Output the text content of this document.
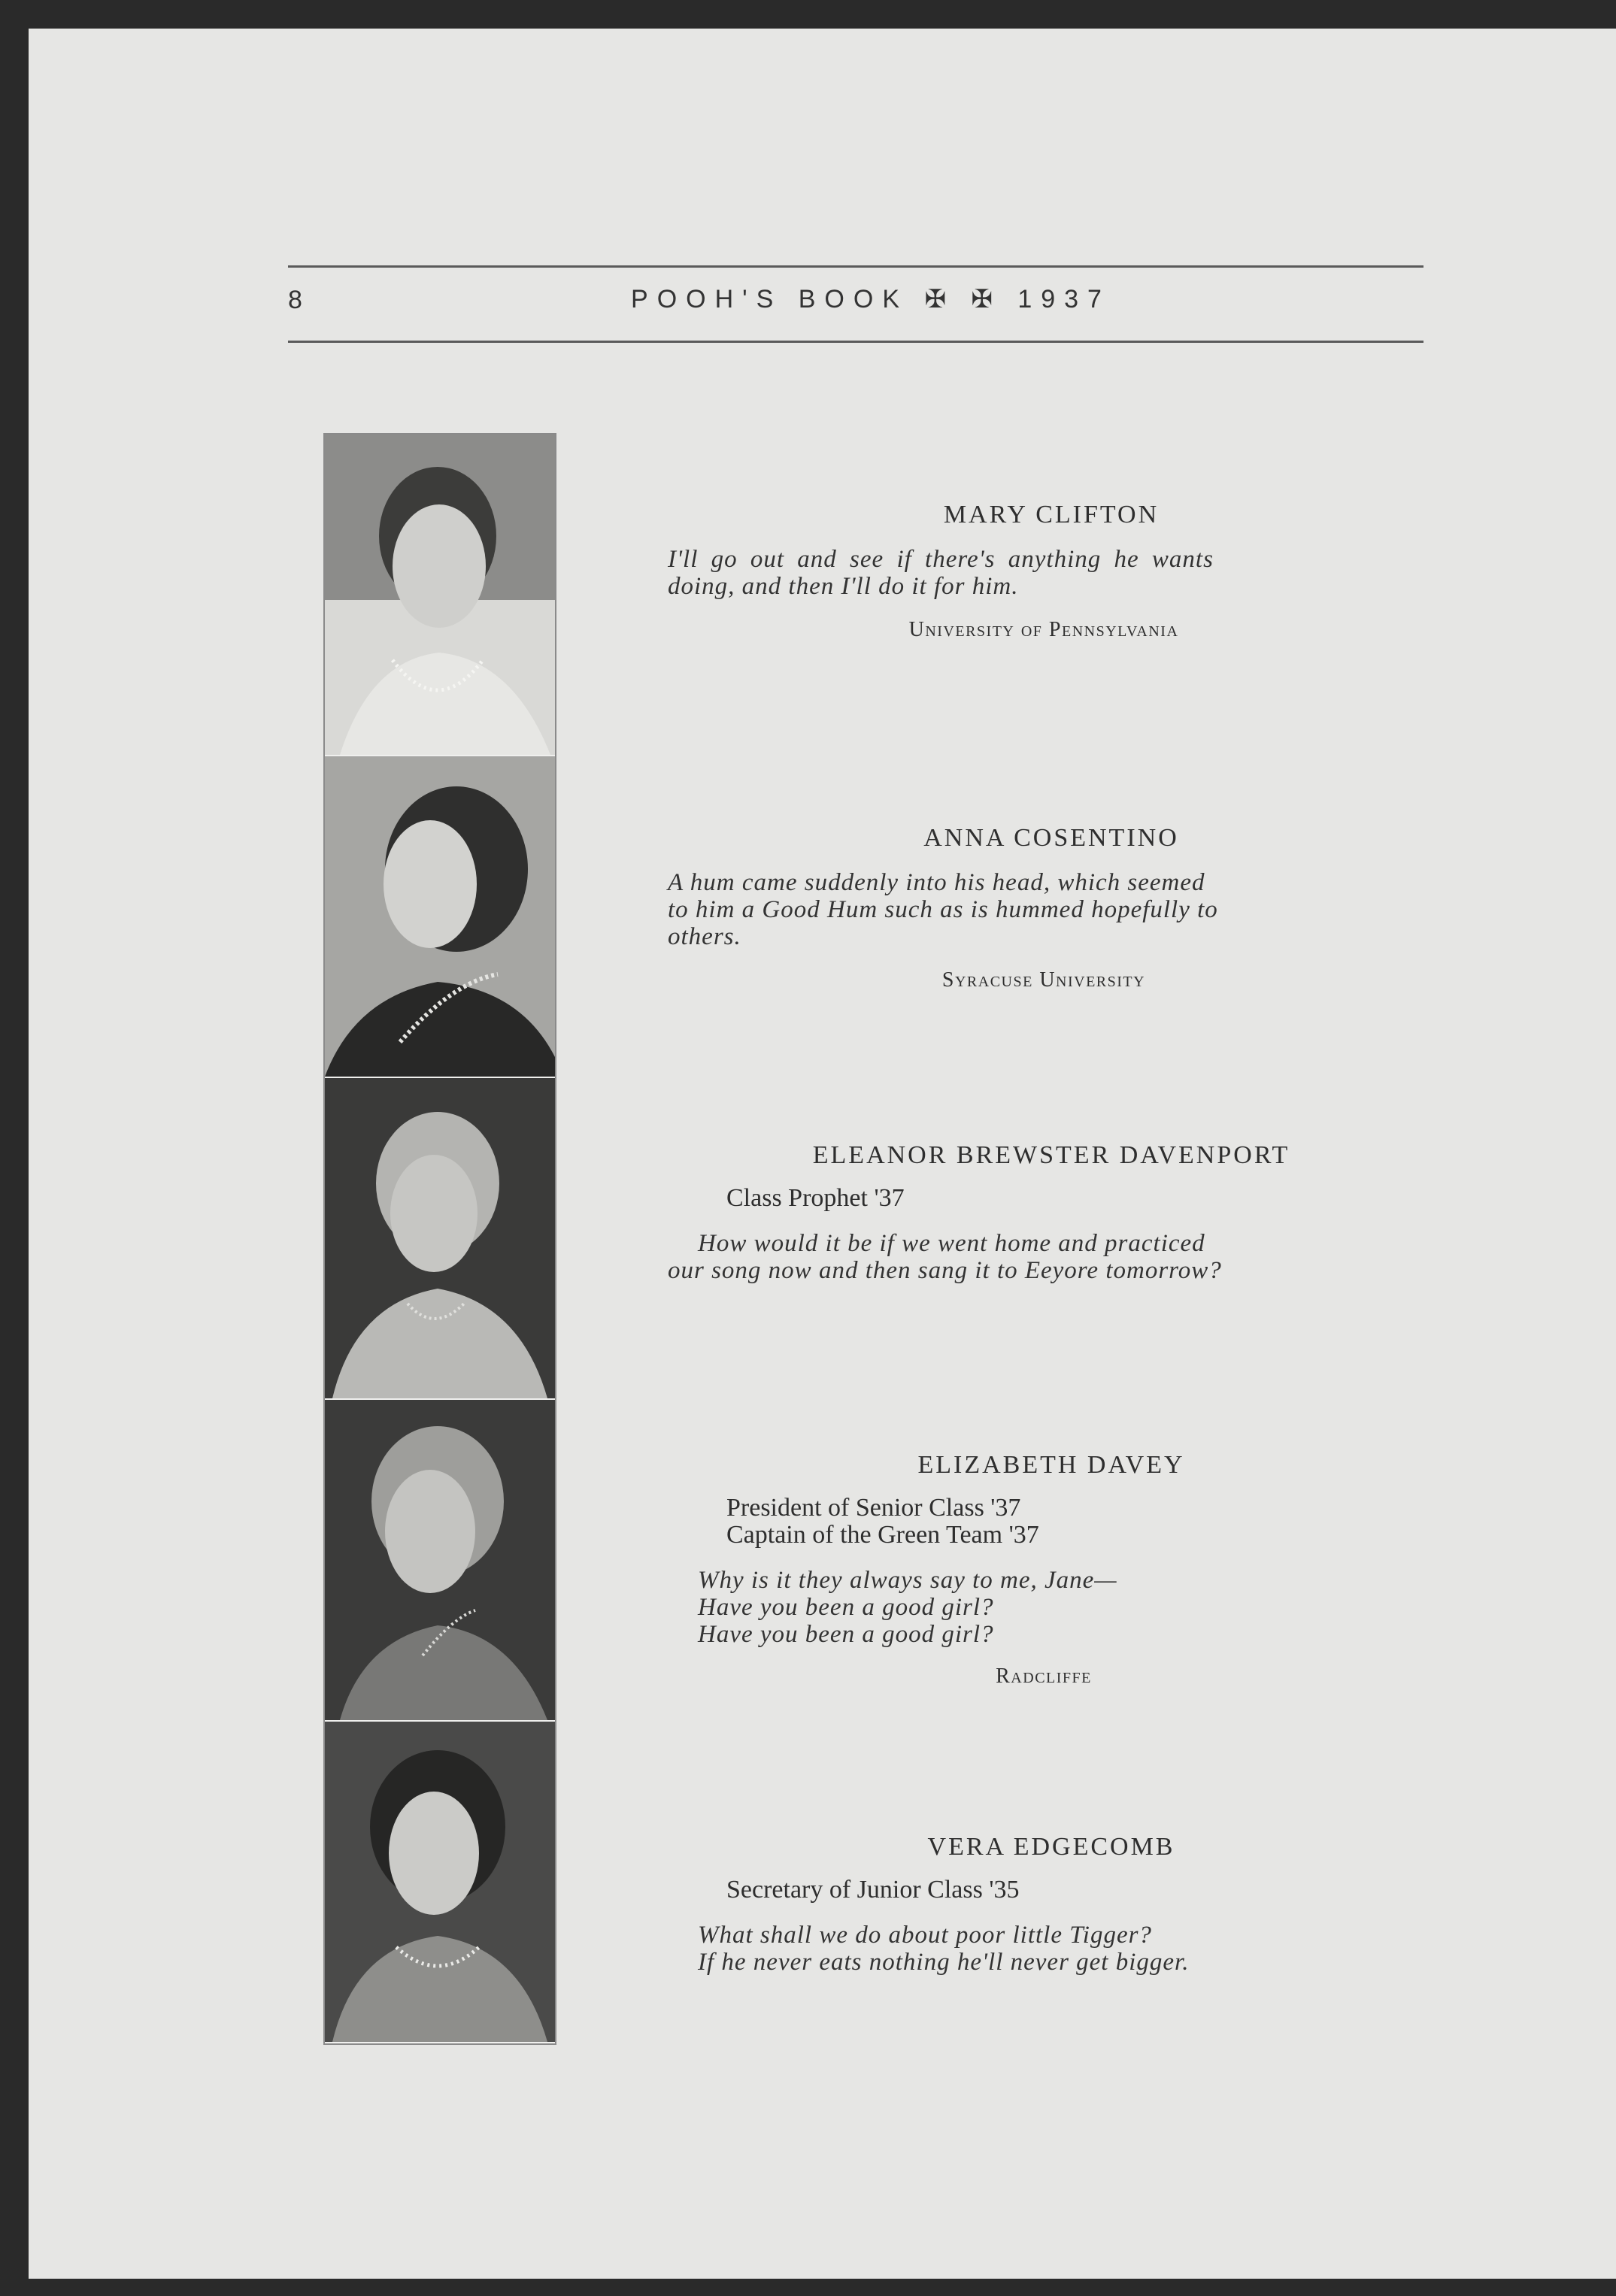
8	POOH'S BOOK ✠ ✠ 1937

MARY CLIFTON

I'll go out and see if there's anything he wants

doing, and then I'll do it for him.

University of Pennsylvania

ANNA COSENTINO

A hum came suddenly into his head, which seemed

to him a Good Hum such as is hummed hopefully to

others.

Syracuse University

ELEANOR BREWSTER DAVENPORT

Class Prophet '37

How would it be if we went home and practiced

our song now and then sang it to Eeyore tomorrow?

ELIZABETH DAVEY

President of Senior Class '37

Captain of the Green Team '37

Why is it they always say to me, Jane—

Have you been a good girl?

Have you been a good girl?

Radcliffe

VERA EDGECOMB

Secretary of Junior Class '35

What shall we do about poor little Tigger?

If he never eats nothing he'll never get bigger.
